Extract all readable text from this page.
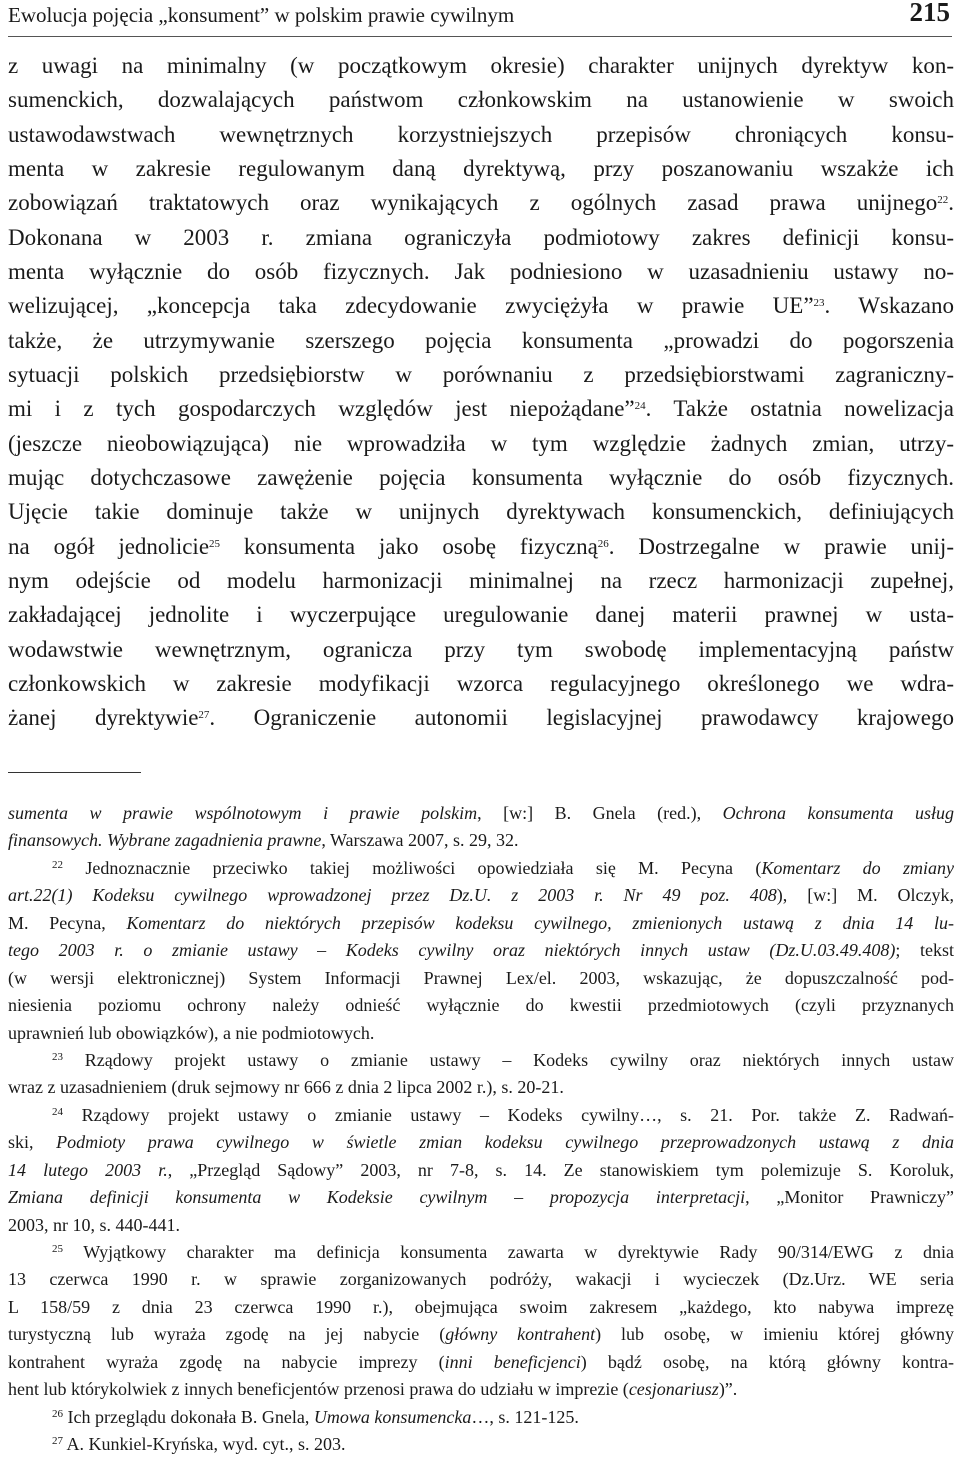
Ewolucja pojęcia „konsument” w polskim prawie cywilnym	215
z uwagi na minimalny (w początkowym okresie) charakter unijnych dyrektyw kon-
sumenckich, dozwalających państwom członkowskim na ustanowienie w swoich
ustawodawstwach wewnętrznych korzystniejszych przepisów chroniących konsu-
menta w zakresie regulowanym daną dyrektywą, przy poszanowaniu wszakże ich
zobowiązań traktatowych oraz wynikających z ogólnych zasad prawa unijnego$^{22}$.
Dokonana w 2003 r. zmiana ograniczyła podmiotowy zakres definicji konsu-
menta wyłącznie do osób fizycznych. Jak podniesiono w uzasadnieniu ustawy no-
welizującej, „koncepcja taka zdecydowanie zwyciężyła w prawie UE”$^{23}$. Wskazano
także, że utrzymywanie szerszego pojęcia konsumenta „prowadzi do pogorszenia
sytuacji polskich przedsiębiorstw w porównaniu z przedsiębiorstwami zagraniczny-
mi i z tych gospodarczych względów jest niepożądane”$^{24}$. Także ostatnia nowelizacja
(jeszcze nieobowiązująca) nie wprowadziła w tym względzie żadnych zmian, utrzy-
mując dotychczasowe zawężenie pojęcia konsumenta wyłącznie do osób fizycznych.
Ujęcie takie dominuje także w unijnych dyrektywach konsumenckich, definiujących
na ogół jednolicie$^{25}$ konsumenta jako osobę fizyczną$^{26}$. Dostrzegalne w prawie unij-
nym odejście od modelu harmonizacji minimalnej na rzecz harmonizacji zupełnej,
zakładającej jednolite i wyczerpujące uregulowanie danej materii prawnej w usta-
wodawstwie wewnętrznym, ogranicza przy tym swobodę implementacyjną państw
członkowskich w zakresie modyfikacji wzorca regulacyjnego określonego we wdra-
żanej dyrektywie$^{27}$. Ograniczenie autonomii legislacyjnej prawodawcy krajowego
sumenta w prawie wspólnotowym i prawie polskim, [w:] B. Gnela (red.), Ochrona konsumenta usług
finansowych. Wybrane zagadnienia prawne, Warszawa 2007, s. 29, 32.
$^{22}$ Jednoznacznie przeciwko takiej możliwości opowiedziała się M. Pecyna (Komentarz do zmiany
art.22(1) Kodeksu cywilnego wprowadzonej przez Dz.U. z 2003 r. Nr 49 poz. 408), [w:] M. Olczyk,
M. Pecyna, Komentarz do niektórych przepisów kodeksu cywilnego, zmienionych ustawą z dnia 14 lu-
tego 2003 r. o zmianie ustawy – Kodeks cywilny oraz niektórych innych ustaw (Dz.U.03.49.408); tekst
(w wersji elektronicznej) System Informacji Prawnej Lex/el. 2003, wskazując, że dopuszczalność pod-
niesienia poziomu ochrony należy odnieść wyłącznie do kwestii przedmiotowych (czyli przyznanych
uprawnień lub obowiązków), a nie podmiotowych.
$^{23}$ Rządowy projekt ustawy o zmianie ustawy – Kodeks cywilny oraz niektórych innych ustaw
wraz z uzasadnieniem (druk sejmowy nr 666 z dnia 2 lipca 2002 r.), s. 20-21.
$^{24}$ Rządowy projekt ustawy o zmianie ustawy – Kodeks cywilny…, s. 21. Por. także Z. Radwań-
ski, Podmioty prawa cywilnego w świetle zmian kodeksu cywilnego przeprowadzonych ustawą z dnia
14 lutego 2003 r., „Przegląd Sądowy” 2003, nr 7-8, s. 14. Ze stanowiskiem tym polemizuje S. Koroluk,
Zmiana definicji konsumenta w Kodeksie cywilnym – propozycja interpretacji, „Monitor Prawniczy”
2003, nr 10, s. 440-441.
$^{25}$ Wyjątkowy charakter ma definicja konsumenta zawarta w dyrektywie Rady 90/314/EWG z dnia
13 czerwca 1990 r. w sprawie zorganizowanych podróży, wakacji i wycieczek (Dz.Urz. WE seria
L 158/59 z dnia 23 czerwca 1990 r.), obejmująca swoim zakresem „każdego, kto nabywa imprezę
turystyczną lub wyraża zgodę na jej nabycie (główny kontrahent) lub osobę, w imieniu której główny
kontrahent wyraża zgodę na nabycie imprezy (inni beneficjenci) bądź osobę, na którą główny kontra-
hent lub którykolwiek z innych beneficjentów przenosi prawa do udziału w imprezie (cesjonariusz)”.
$^{26}$ Ich przeglądu dokonała B. Gnela, Umowa konsumencka…, s. 121-125.
$^{27}$ A. Kunkiel-Kryńska, wyd. cyt., s. 203.
